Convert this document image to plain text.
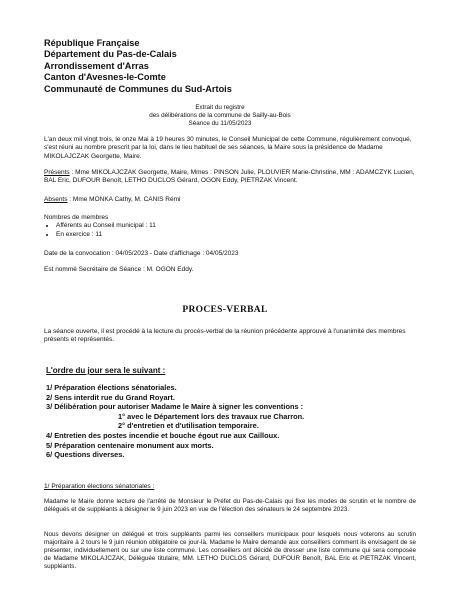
République Française
Département du Pas-de-Calais
Arrondissement d'Arras
Canton d'Avesnes-le-Comte
Communauté de Communes du Sud-Artois
Extrait du registre
des délibérations de la commune de Sailly-au-Bois
Séance du 11/05/2023
L'an deux mil vingt trois, le onze Mai à 19 heures 30 minutes, le Conseil Municipal de cette Commune, régulièrement convoqué, s'est réuni au nombre prescrit par la loi, dans le lieu habituel de ses séances, la Maire sous la présidence de Madame MIKOLAJCZAK Georgette, Maire.
Présents : Mme MIKOLAJCZAK Georgette, Maire, Mmes : PINSON Julie, PLOUVIER Marie-Christine, MM : ADAMCZYK Lucien, BAL Eric, DUFOUR Benoît, LETHO DUCLOS Gérard, OGON Eddy, PIETRZAK Vincent.
Absents : Mme MONKA Cathy, M. CANIS Rémi
Nombres de membres
• Afférents au Conseil municipal : 11
• En exercice : 11
Date de la convocation : 04/05/2023 - Date d'affichage : 04/05/2023
Est nommé Secrétaire de Séance : M. OGON Eddy.
PROCES-VERBAL
La séance ouverte, il est procédé à la lecture du procès-verbal de la réunion précédente approuvé à l'unanimité des membres présents et représentés.
L'ordre du jour sera le suivant :
1/ Préparation élections sénatoriales.
2/ Sens interdit rue du Grand Royart.
3/ Délibération pour autoriser Madame le Maire à signer les conventions :
1° avec le Département lors des travaux rue Charron.
2° d'entretien et d'utilisation temporaire.
4/ Entretien des postes incendie et bouche égout rue aux Cailloux.
5/ Préparation centenaire monument aux morts.
6/ Questions diverses.
1/ Préparation élections sénatoriales :
Madame le Maire donne lecture de l'arrêté de Monsieur le Préfet du Pas-de-Calais qui fixe les modes de scrutin et le nombre de délégués et de suppléants à désigner le 9 juin 2023 en vue de l'élection des sénateurs le 24 septembre 2023.
Nous devons désigner un délégué et trois suppléants parmi les conseillers municipaux pour lesquels nous voterons au scrutin majoritaire à 2 tours le 9 juin réunion obligatoire ce jour-là. Madame le Maire demande aux conseillers comment ils envisagent de se présenter, individuellement ou sur une liste commune. Les conseillers ont décidé de dresser une liste commune qui sera composée de Madame MIKOLAJCZAK, Déléguée titulaire, MM. LETHO DUCLOS Gérard, DUFOUR Benoît, BAL Eric et PIETRZAK Vincent, suppléants.
